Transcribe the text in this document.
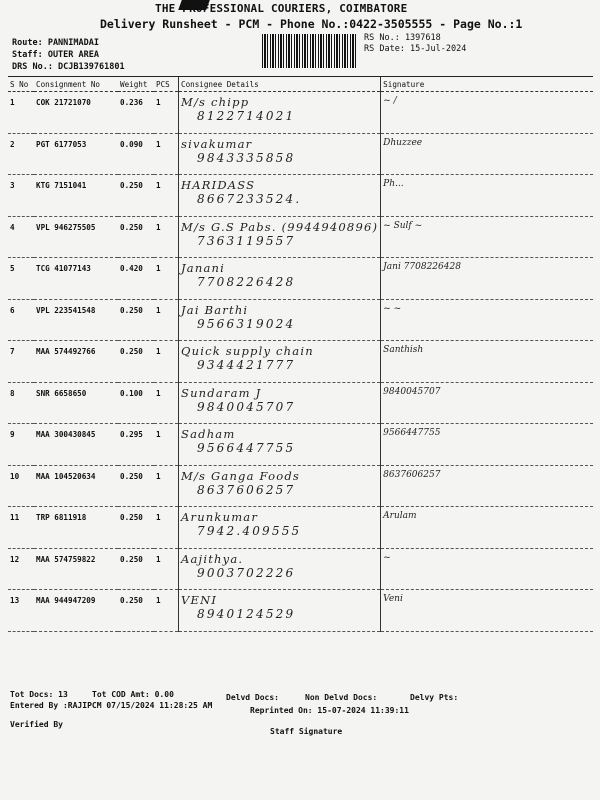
THE PROFESSIONAL COURIERS, COIMBATORE
Delivery Runsheet - PCM - Phone No.:0422-3505555 - Page No.:1
Route: PANNIMADAI
Staff: OUTER AREA
DRS No.: DCJB139761801
RS No.: 1397618
RS Date: 15-Jul-2024
S No	Consignment No	Weight	PCS	Consignee Details	Signature

1	COK 21721070	0.236	1	M/s chipp
8122714021	~ /

2	PGT 6177053	0.090	1	sivakumar
9843335858	Dhuzzee

3	KTG 7151041	0.250	1	HARIDASS
8667233524.	Ph...

4	VPL 946275505	0.250	1	M/s G.S Pabs. (9944940896)
7363119557	~ Sulf ~

5	TCG 41077143	0.420	1	Janani
7708226428	Jani 7708226428

6	VPL 223541548	0.250	1	Jai Barthi
9566319024	~ ~

7	MAA 574492766	0.250	1	Quick supply chain
9344421777	Santhish

8	SNR 6658650	0.100	1	Sundaram J
9840045707	9840045707

9	MAA 300430845	0.295	1	Sadham
9566447755	9566447755

10	MAA 104520634	0.250	1	M/s Ganga Foods
8637606257	8637606257

11	TRP 6811918	0.250	1	Arunkumar
7942.409555	Arulam

12	MAA 574759822	0.250	1	Aajithya.
9003702226	~

13	MAA 944947209	0.250	1	VENI
8940124529	Veni
Tot Docs: 13	Tot COD Amt: 0.00	Delvd Docs:	Non Delvd Docs:	Delvy Pts:
Entered By :RAJIPCM 07/15/2024 11:28:25 AM
Reprinted On: 15-07-2024 11:39:11
Verified By
Staff Signature
